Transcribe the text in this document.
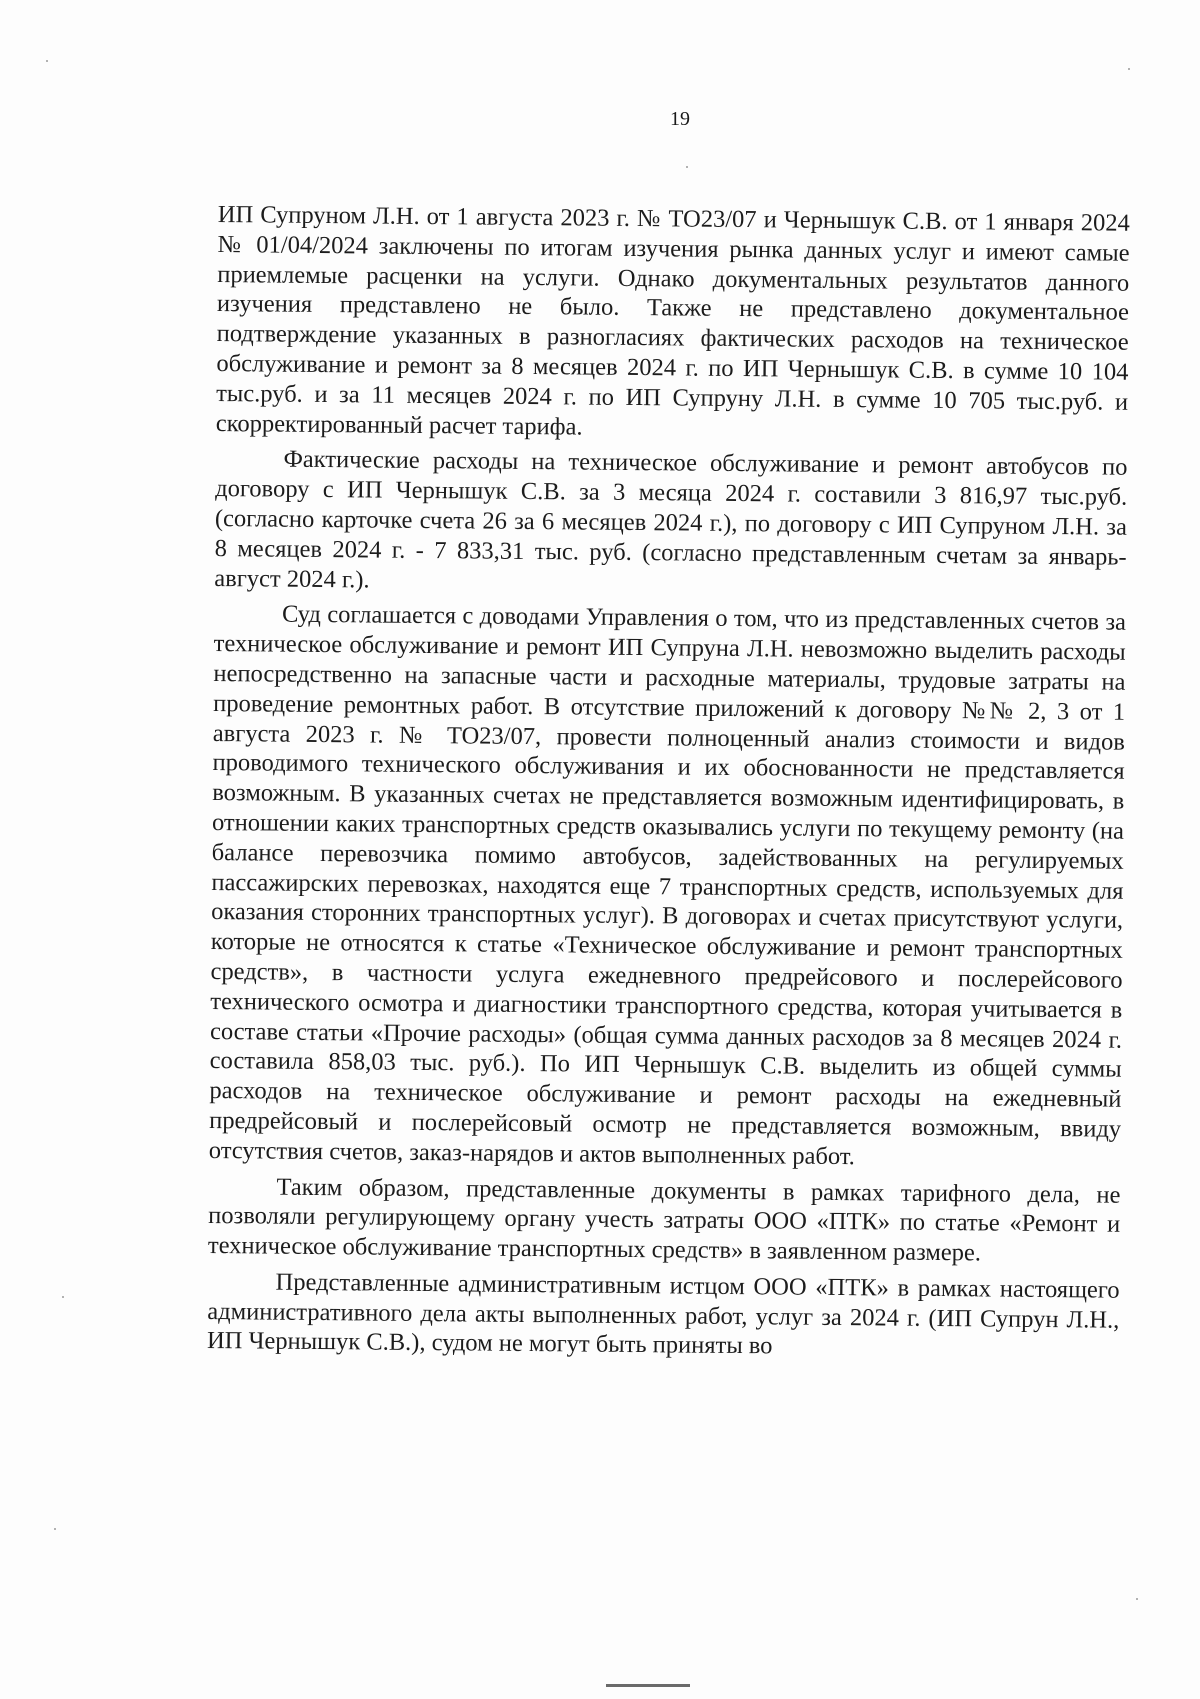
19

ИП Супруном Л.Н. от 1 августа 2023 г. № ТО23/07 и Чернышук С.В. от 1 января 2024 № 01/04/2024 заключены по итогам изучения рынка данных услуг и имеют самые приемлемые расценки на услуги. Однако документальных результатов данного изучения представлено не было. Также не представлено документальное подтверждение указанных в разногласиях фактических расходов на техническое обслуживание и ремонт за 8 месяцев 2024 г. по ИП Чернышук С.В. в сумме 10 104 тыс.руб. и за 11 месяцев 2024 г. по ИП Супруну Л.Н. в сумме 10 705 тыс.руб. и скорректированный расчет тарифа.

Фактические расходы на техническое обслуживание и ремонт автобусов по договору с ИП Чернышук С.В. за 3 месяца 2024 г. составили 3 816,97 тыс.руб. (согласно карточке счета 26 за 6 месяцев 2024 г.), по договору с ИП Супруном Л.Н. за 8 месяцев 2024 г. - 7 833,31 тыс. руб. (согласно представленным счетам за январь-август 2024 г.).

Суд соглашается с доводами Управления о том, что из представленных счетов за техническое обслуживание и ремонт ИП Супруна Л.Н. невозможно выделить расходы непосредственно на запасные части и расходные материалы, трудовые затраты на проведение ремонтных работ. В отсутствие приложений к договору №№ 2, 3 от 1 августа 2023 г. № ТО23/07, провести полноценный анализ стоимости и видов проводимого технического обслуживания и их обоснованности не представляется возможным. В указанных счетах не представляется возможным идентифицировать, в отношении каких транспортных средств оказывались услуги по текущему ремонту (на балансе перевозчика помимо автобусов, задействованных на регулируемых пассажирских перевозках, находятся еще 7 транспортных средств, используемых для оказания сторонних транспортных услуг). В договорах и счетах присутствуют услуги, которые не относятся к статье «Техническое обслуживание и ремонт транспортных средств», в частности услуга ежедневного предрейсового и послерейсового технического осмотра и диагностики транспортного средства, которая учитывается в составе статьи «Прочие расходы» (общая сумма данных расходов за 8 месяцев 2024 г. составила 858,03 тыс. руб.). По ИП Чернышук С.В. выделить из общей суммы расходов на техническое обслуживание и ремонт расходы на ежедневный предрейсовый и послерейсовый осмотр не представляется возможным, ввиду отсутствия счетов, заказ-нарядов и актов выполненных работ.

Таким образом, представленные документы в рамках тарифного дела, не позволяли регулирующему органу учесть затраты ООО «ПТК» по статье «Ремонт и техническое обслуживание транспортных средств» в заявленном размере.

Представленные административным истцом ООО «ПТК» в рамках настоящего административного дела акты выполненных работ, услуг за 2024 г. (ИП Супрун Л.Н., ИП Чернышук С.В.), судом не могут быть приняты во
